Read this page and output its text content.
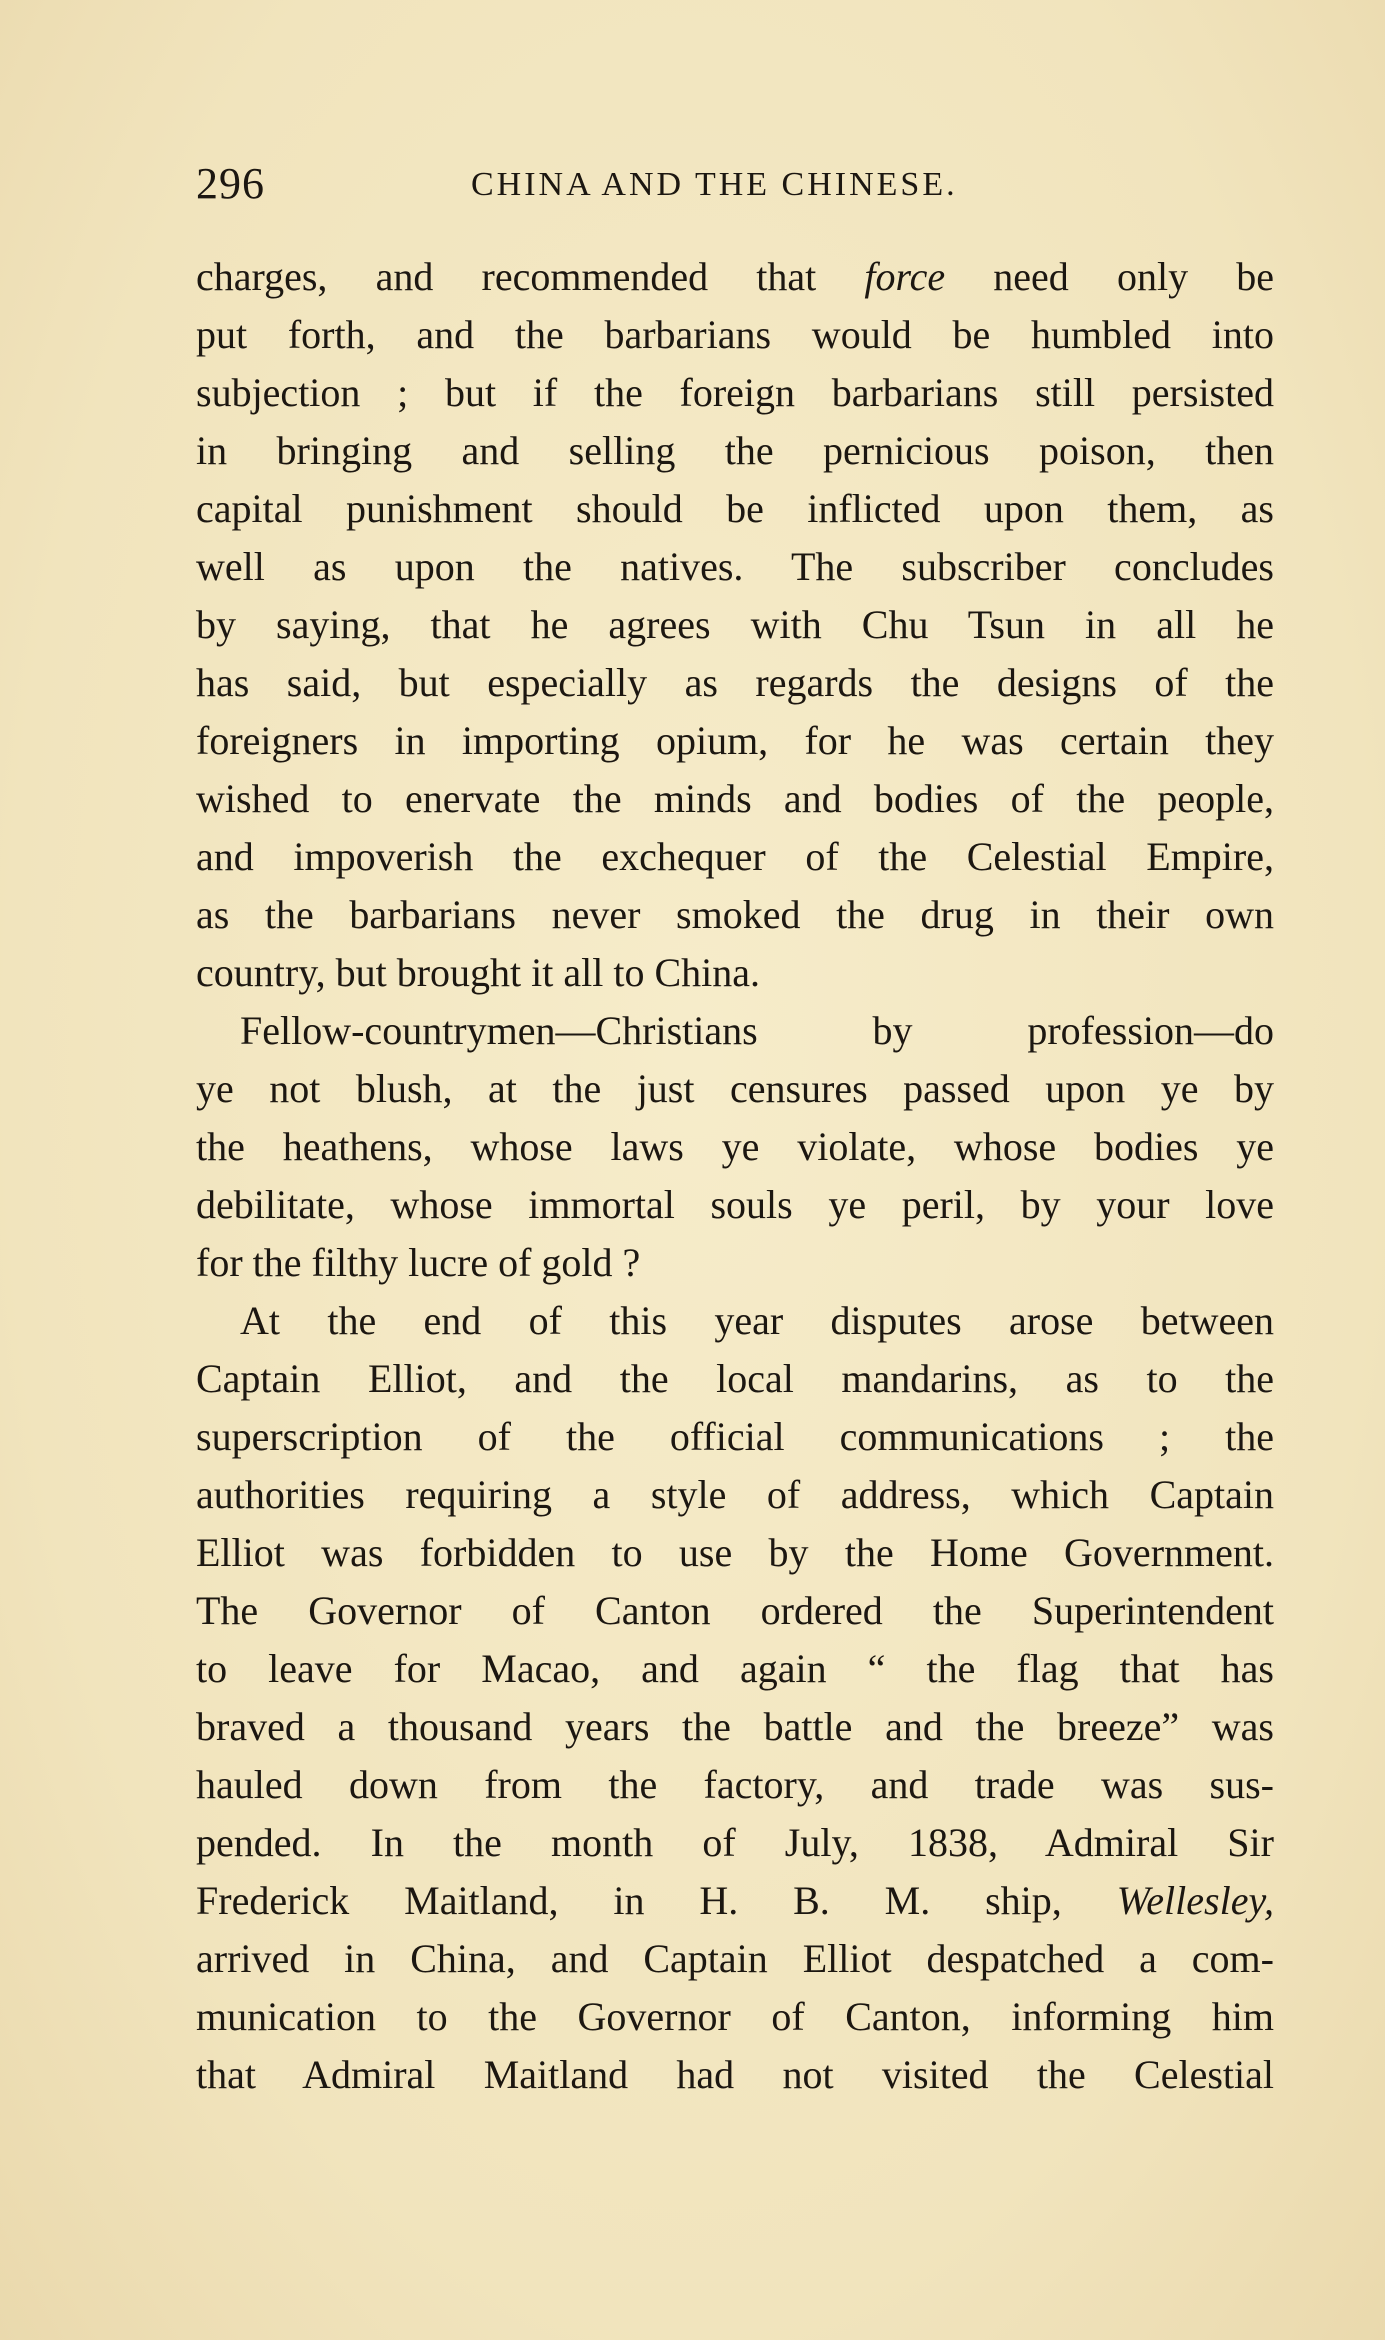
296	CHINA AND THE CHINESE.
charges, and recommended that force need only be
put forth, and the barbarians would be humbled into
subjection ; but if the foreign barbarians still persisted
in bringing and selling the pernicious poison, then
capital punishment should be inflicted upon them, as
well as upon the natives. The subscriber concludes
by saying, that he agrees with Chu Tsun in all he
has said, but especially as regards the designs of the
foreigners in importing opium, for he was certain they
wished to enervate the minds and bodies of the people,
and impoverish the exchequer of the Celestial Empire,
as the barbarians never smoked the drug in their own
country, but brought it all to China.
Fellow-countrymen—Christians by profession—do
ye not blush, at the just censures passed upon ye by
the heathens, whose laws ye violate, whose bodies ye
debilitate, whose immortal souls ye peril, by your love
for the filthy lucre of gold ?
At the end of this year disputes arose between
Captain Elliot, and the local mandarins, as to the
superscription of the official communications ; the
authorities requiring a style of address, which Captain
Elliot was forbidden to use by the Home Government.
The Governor of Canton ordered the Superintendent
to leave for Macao, and again “ the flag that has
braved a thousand years the battle and the breeze” was
hauled down from the factory, and trade was sus-
pended. In the month of July, 1838, Admiral Sir
Frederick Maitland, in H. B. M. ship, Wellesley,
arrived in China, and Captain Elliot despatched a com-
munication to the Governor of Canton, informing him
that Admiral Maitland had not visited the Celestial
